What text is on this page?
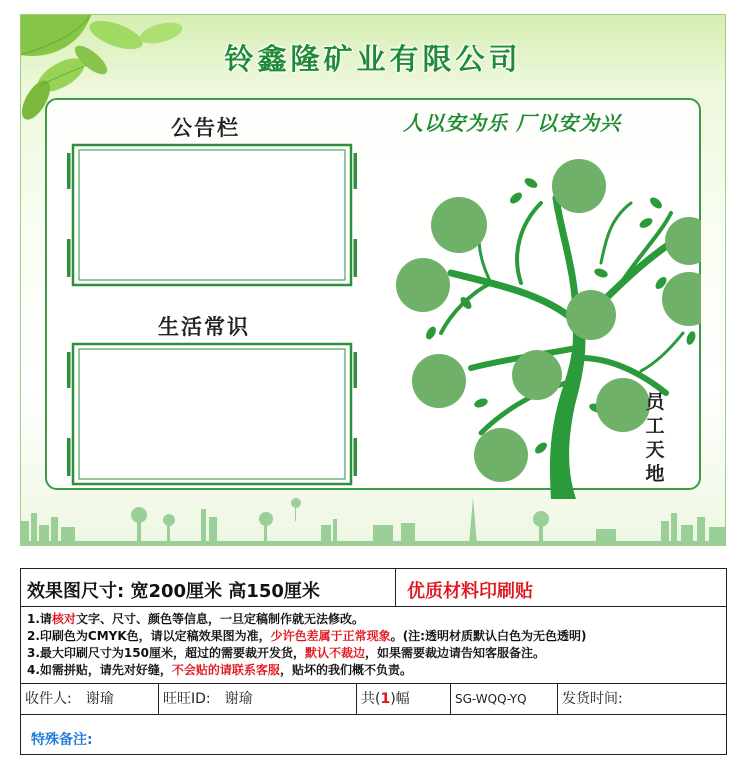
铃鑫隆矿业有限公司
人以安为乐 厂以安为兴
公告栏
生活常识
员
工
天
地
效果图尺寸: 宽200厘米 高150厘米	优质材料印刷贴
1.请核对文字、尺寸、颜色等信息，一旦定稿制作就无法修改。
2.印刷色为CMYK色，请以定稿效果图为准，少许色差属于正常现象。(注:透明材质默认白色为无色透明)
3.最大印刷尺寸为150厘米，超过的需要裁开发货，默认不裁边，如果需要裁边请告知客服备注。
4.如需拼贴，请先对好缝，不会贴的请联系客服，贴坏的我们概不负责。
收件人: 谢瑜	旺旺ID: 谢瑜	共(1)幅	SG-WQQ-YQ	发货时间:
特殊备注:
